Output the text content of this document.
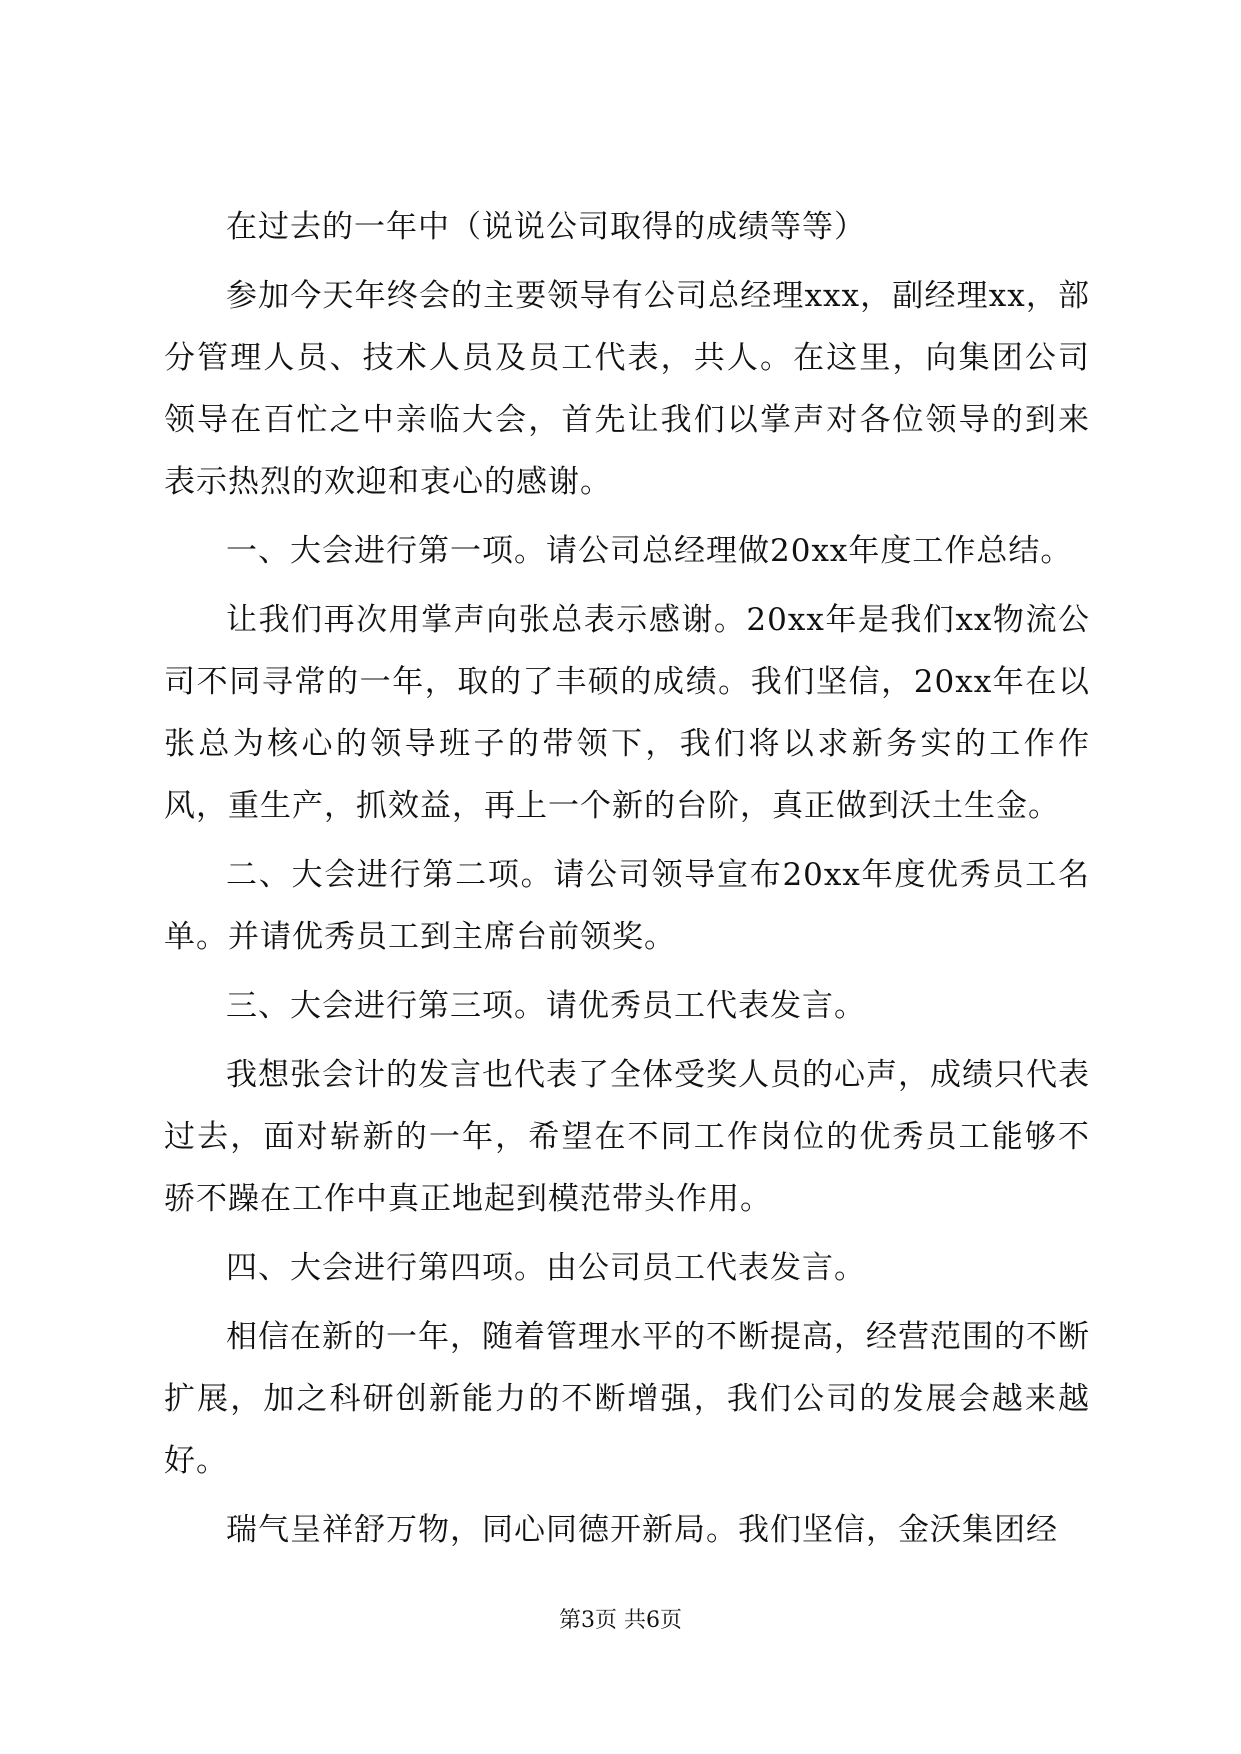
在过去的一年中（说说公司取得的成绩等等）

参加今天年终会的主要领导有公司总经理xxx，副经理xx，部分管理人员、技术人员及员工代表，共人。在这里，向集团公司领导在百忙之中亲临大会，首先让我们以掌声对各位领导的到来表示热烈的欢迎和衷心的感谢。

一、大会进行第一项。请公司总经理做20xx年度工作总结。

让我们再次用掌声向张总表示感谢。20xx年是我们xx物流公司不同寻常的一年，取的了丰硕的成绩。我们坚信，20xx年在以张总为核心的领导班子的带领下，我们将以求新务实的工作作风，重生产，抓效益，再上一个新的台阶，真正做到沃土生金。

二、大会进行第二项。请公司领导宣布20xx年度优秀员工名单。并请优秀员工到主席台前领奖。

三、大会进行第三项。请优秀员工代表发言。

我想张会计的发言也代表了全体受奖人员的心声，成绩只代表过去，面对崭新的一年，希望在不同工作岗位的优秀员工能够不骄不躁在工作中真正地起到模范带头作用。

四、大会进行第四项。由公司员工代表发言。

相信在新的一年，随着管理水平的不断提高，经营范围的不断扩展，加之科研创新能力的不断增强，我们公司的发展会越来越好。

瑞气呈祥舒万物，同心同德开新局。我们坚信，金沃集团经

第3页 共6页
